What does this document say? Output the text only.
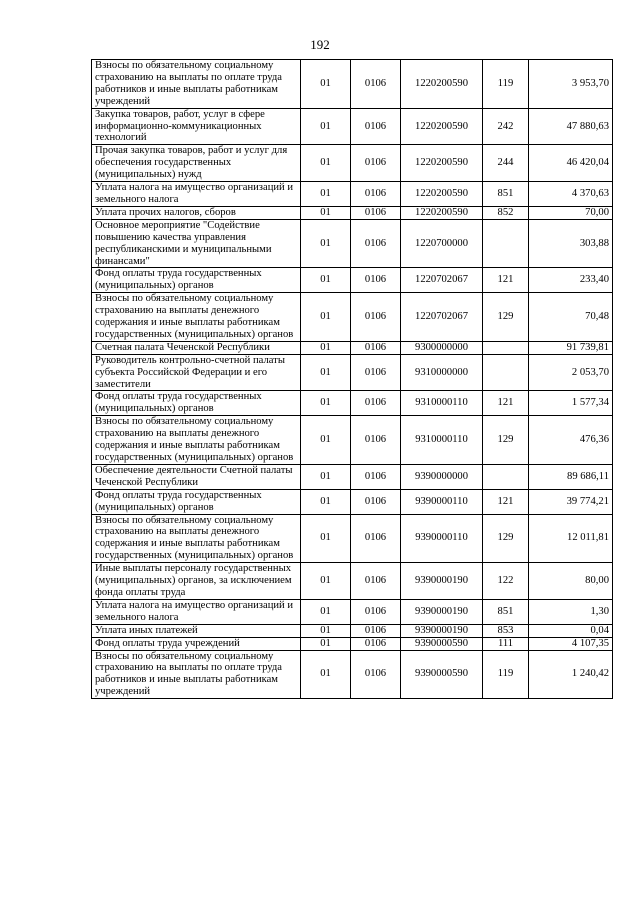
192
Взносы по обязательному социальному страхованию на выплаты по оплате труда работников и иные выплаты работникам учреждений	01	0106	1220200590	119	3 953,70
Закупка товаров, работ, услуг в сфере информационно-коммуникационных технологий	01	0106	1220200590	242	47 880,63
Прочая закупка товаров, работ и услуг для обеспечения государственных (муниципальных) нужд	01	0106	1220200590	244	46 420,04
Уплата налога на имущество организаций и земельного налога	01	0106	1220200590	851	4 370,63
Уплата прочих налогов, сборов	01	0106	1220200590	852	70,00
Основное мероприятие "Содействие повышению качества управления республиканскими и муниципальными финансами"	01	0106	1220700000		303,88
Фонд оплаты труда государственных (муниципальных) органов	01	0106	1220702067	121	233,40
Взносы по обязательному социальному страхованию на выплаты денежного содержания и иные выплаты работникам государственных (муниципальных) органов	01	0106	1220702067	129	70,48
Счетная палата Чеченской Республики	01	0106	9300000000		91 739,81
Руководитель контрольно-счетной палаты субъекта Российской Федерации и его заместители	01	0106	9310000000		2 053,70
Фонд оплаты труда государственных (муниципальных) органов	01	0106	9310000110	121	1 577,34
Взносы по обязательному социальному страхованию на выплаты денежного содержания и иные выплаты работникам государственных (муниципальных) органов	01	0106	9310000110	129	476,36
Обеспечение деятельности Счетной палаты Чеченской Республики	01	0106	9390000000		89 686,11
Фонд оплаты труда государственных (муниципальных) органов	01	0106	9390000110	121	39 774,21
Взносы по обязательному социальному страхованию на выплаты денежного содержания и иные выплаты работникам государственных (муниципальных) органов	01	0106	9390000110	129	12 011,81
Иные выплаты персоналу государственных (муниципальных) органов, за исключением фонда оплаты труда	01	0106	9390000190	122	80,00
Уплата налога на имущество организаций и земельного налога	01	0106	9390000190	851	1,30
Уплата иных платежей	01	0106	9390000190	853	0,04
Фонд оплаты труда учреждений	01	0106	9390000590	111	4 107,35
Взносы по обязательному социальному страхованию на выплаты по оплате труда работников и иные выплаты работникам учреждений	01	0106	9390000590	119	1 240,42
